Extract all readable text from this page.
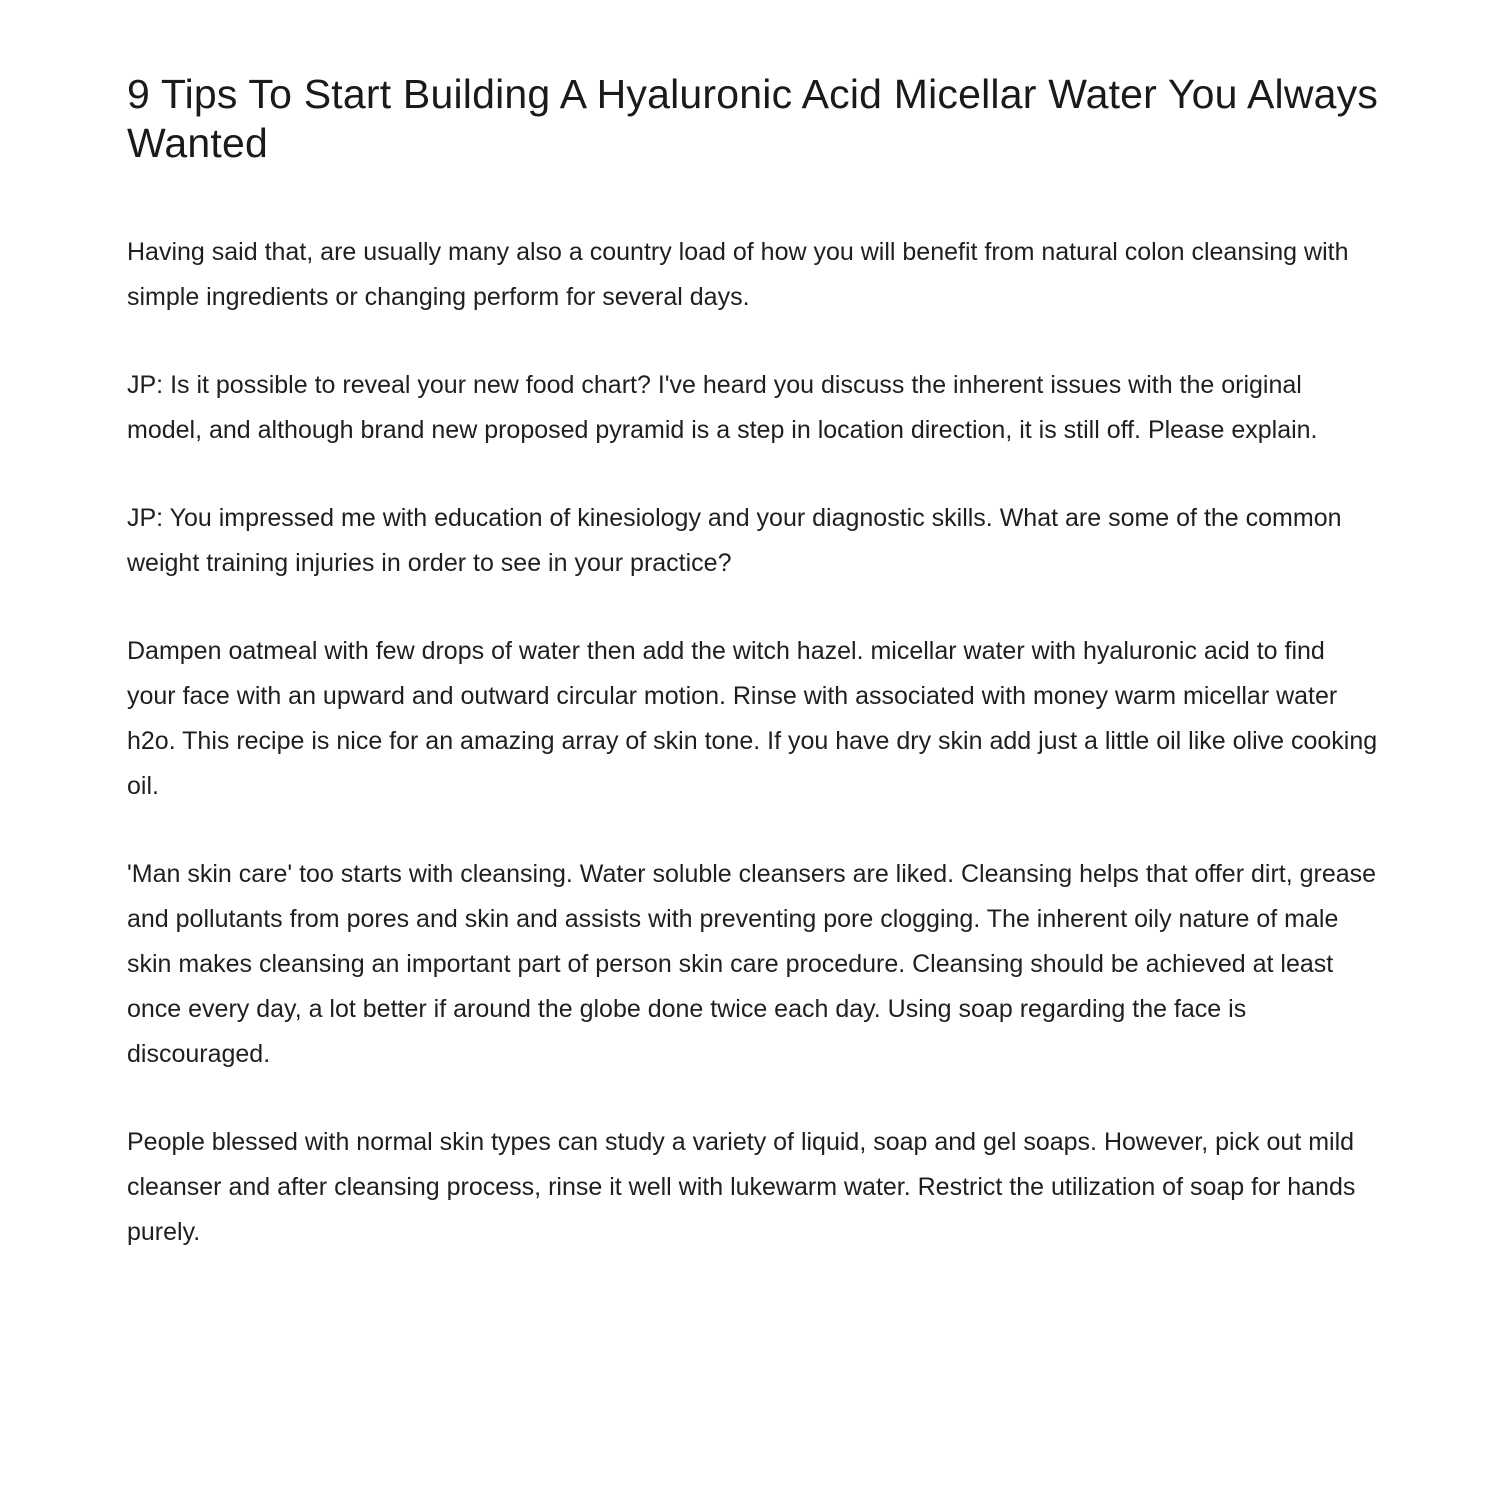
9 Tips To Start Building A Hyaluronic Acid Micellar Water You Always Wanted

Having said that, are usually many also a country load of how you will benefit from natural colon cleansing with simple ingredients or changing perform for several days.

JP: Is it possible to reveal your new food chart? I've heard you discuss the inherent issues with the original model, and although brand new proposed pyramid is a step in location direction, it is still off. Please explain.

JP: You impressed me with education of kinesiology and your diagnostic skills. What are some of the common weight training injuries in order to see in your practice?

Dampen oatmeal with few drops of water then add the witch hazel. micellar water with hyaluronic acid to find your face with an upward and outward circular motion. Rinse with associated with money warm micellar water h2o. This recipe is nice for an amazing array of skin tone. If you have dry skin add just a little oil like olive cooking oil.

'Man skin care' too starts with cleansing. Water soluble cleansers are liked. Cleansing helps that offer dirt, grease and pollutants from pores and skin and assists with preventing pore clogging. The inherent oily nature of male skin makes cleansing an important part of person skin care procedure. Cleansing should be achieved at least once every day, a lot better if around the globe done twice each day. Using soap regarding the face is discouraged.

People blessed with normal skin types can study a variety of liquid, soap and gel soaps. However, pick out mild cleanser and after cleansing process, rinse it well with lukewarm water. Restrict the utilization of soap for hands purely.
